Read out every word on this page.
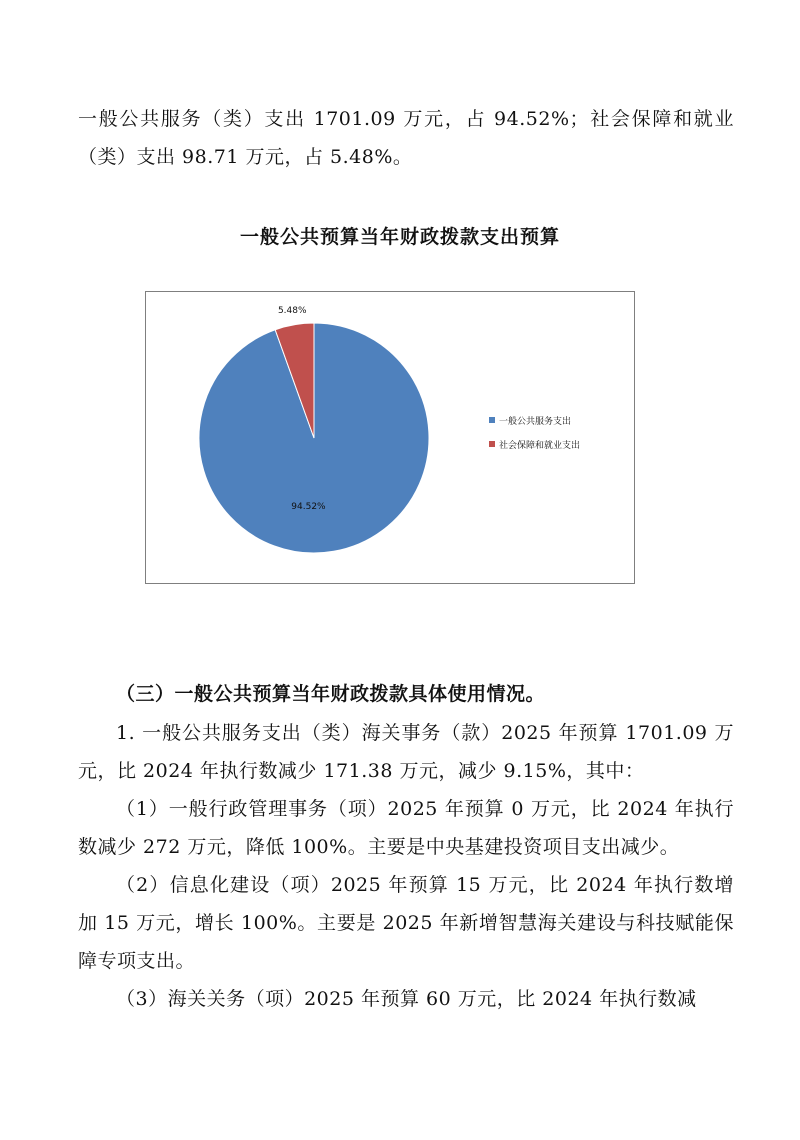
一般公共服务（类）支出 1701.09 万元，占 94.52%；社会保障和就业（类）支出 98.71 万元，占 5.48%。

一般公共预算当年财政拨款支出预算

94.52%
5.48%
一般公共服务支出
社会保障和就业支出

（三）一般公共预算当年财政拨款具体使用情况。

1. 一般公共服务支出（类）海关事务（款）2025 年预算 1701.09 万元，比 2024 年执行数减少 171.38 万元，减少 9.15%，其中：

（1）一般行政管理事务（项）2025 年预算 0 万元，比 2024 年执行数减少 272 万元，降低 100%。主要是中央基建投资项目支出减少。

（2）信息化建设（项）2025 年预算 15 万元，比 2024 年执行数增加 15 万元，增长 100%。主要是 2025 年新增智慧海关建设与科技赋能保障专项支出。

（3）海关关务（项）2025 年预算 60 万元，比 2024 年执行数减
